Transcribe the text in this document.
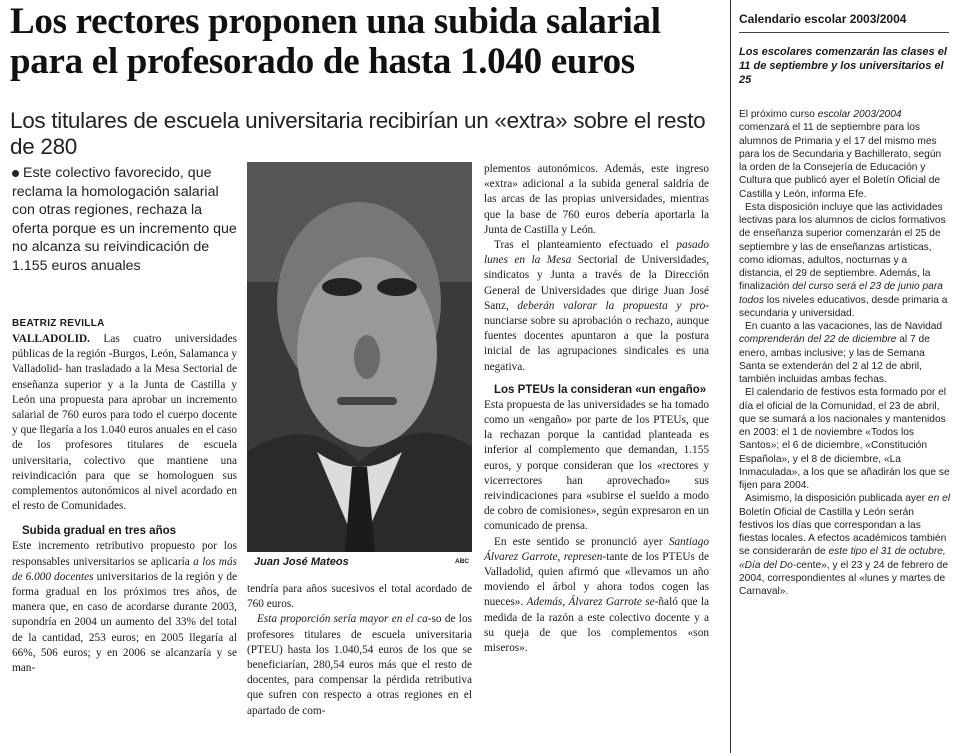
Los rectores proponen una subida salarial para el profesorado de hasta 1.040 euros
Los titulares de escuela universitaria recibirían un «extra» sobre el resto de 280
Este colectivo favorecido, que reclama la homologación salarial con otras regiones, rechaza la oferta porque es un incremento que no alcanza su reivindicación de 1.155 euros anuales
BEATRIZ REVILLA

VALLADOLID. Las cuatro universidades públicas de la región -Burgos, León, Salamanca y Valladolid- han trasladado a la Mesa Sectorial de enseñanza superior y a la Junta de Castilla y León una propuesta para aprobar un incremento salarial de 760 euros para todo el cuerpo docente y que llegaría a los 1.040 euros anuales en el caso de los profesores titulares de escuela universitaria, colectivo que mantiene una reivindicación para que se homologuen sus complementos autonómicos al nivel acordado en el resto de Comunidades.

Subida gradual en tres años

Este incremento retributivo propuesto por los responsables universitarios se aplicaría a los más de 6.000 docentes universitarios de la región y de forma gradual en los próximos tres años, de manera que, en caso de acordarse durante 2003, supondría en 2004 un aumento del 33% del total de la cantidad, 253 euros; en 2005 llegaría al 66%, 506 euros; y en 2006 se alcanzaría y se man-

Juan José Mateos	ABC

tendría para años sucesivos el total acordado de 760 euros.

Esta proporción sería mayor en el ca-so de los profesores titulares de escuela universitaria (PTEU) hasta los 1.040,54 euros de los que se beneficiarían, 280,54 euros más que el resto de docentes, para compensar la pérdida retributiva que sufren con respecto a otras regiones en el apartado de com-

plementos autonómicos. Además, este ingreso «extra» adicional a la subida general saldría de las arcas de las propias universidades, mientras que la base de 760 euros debería aportarla la Junta de Castilla y León.

Tras el planteamiento efectuado el pasado lunes en la Mesa Sectorial de Universidades, sindicatos y Junta a través de la Dirección General de Universidades que dirige Juan José Sanz, deberán valorar la propuesta y pro-nunciarse sobre su aprobación o rechazo, aunque fuentes docentes apuntaron a que la postura inicial de las agrupaciones sindicales es una negativa.

Los PTEUs la consideran «un engaño»

Esta propuesta de las universidades se ha tomado como un «engaño» por parte de los PTEUs, que la rechazan porque la cantidad planteada es inferior al complemento que demandan, 1.155 euros, y porque consideran que los «rectores y vicerrectores han aprovechado» sus reivindicaciones para «subirse el sueldo a modo de cobro de comisiones», según expresaron en un comunicado de prensa.

En este sentido se pronunció ayer Santiago Álvarez Garrote, represen-tante de los PTEUs de Valladolid, quien afirmó que «llevamos un año moviendo el árbol y ahora todos cogen las nueces». Además, Álvarez Garrote se-ñaló que la medida de la razón a este colectivo docente y a su queja de que los complementos «son miseros».

Calendario escolar 2003/2004
Los escolares comenzarán las clases el 11 de septiembre y los universitarios el 25

El próximo curso escolar 2003/2004 comenzará el 11 de septiembre para los alumnos de Primaria y el 17 del mismo mes para los de Secundaria y Bachillerato, según la orden de la Consejería de Educación y Cultura que publicó ayer el Boletín Oficial de Castilla y León, informa Efe.

Esta disposición incluye que las actividades lectivas para los alumnos de ciclos formativos de enseñanza superior comenzarán el 25 de septiembre y las de enseñanzas artísticas, como idiomas, adultos, nocturnas y a distancia, el 29 de septiembre. Además, la finalización del curso será el 23 de junio para todos los niveles educativos, desde primaria a secundaria y universidad.

En cuanto a las vacaciones, las de Navidad comprenderán del 22 de diciembre al 7 de enero, ambas inclusive; y las de Semana Santa se extenderán del 2 al 12 de abril, también incluidas ambas fechas.

El calendario de festivos esta formado por el día el oficial de la Comunidad, el 23 de abril, que se sumará a los nacionales y mantenidos en 2003: el 1 de noviembre «Todos los Santos»; el 6 de diciembre, «Constitución Española», y el 8 de diciembre, «La Inmaculada», a los que se añadirán los que se fijen para 2004.

Asimismo, la disposición publicada ayer en el Boletín Oficial de Castilla y León serán festivos los días que correspondan a las fiestas locales. A efectos académicos también se considerarán de este tipo el 31 de octubre, «Día del Do-cente», y el 23 y 24 de febrero de 2004, correspondientes al «lunes y martes de Carnaval».
